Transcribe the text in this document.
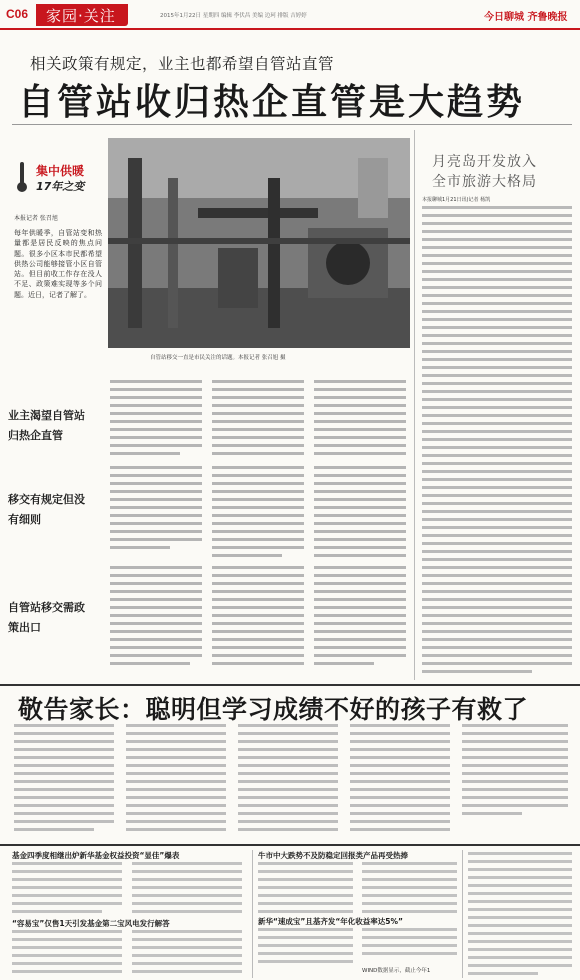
C06 家园·关注	2015年1月22日 星期四 编辑 李伏昌 美编 边珂 排版 吉婷婷	今日聊城 齐鲁晚报
相关政策有规定，业主也都希望自管站直管
自管站收归热企直管是大趋势
集中供暖
17年之变
本报记者 张召旭
每年供暖季，自管站变和热量都是居民反映的焦点问题。很多小区本市民都希望供热公司能够接管小区自管站。但目前收工作存在没人不足、政策难实现等多个问题。近日，记者了解了。
自管站移交一直是市民关注的话题。本报记者 张召旭 摄
业主渴望自管站归热企直管
移交有规定但没有细则
自管站移交需政策出口
月亮岛开发放入
全市旅游大格局
本报聊城1月21日讯(记者 杨凯
敬告家长：聪明但学习成绩不好的孩子有救了
基金四季度相继出炉新华基金权益投资“显佳”爆表
“容易宝”仅售1天引发基金第二宝风电发行解答
牛市中大跌势不及防稳定回报类产品再受热捧
新华“速成宝”且基齐发“年化收益率达5%”
WIND数据显示，截止今年1
